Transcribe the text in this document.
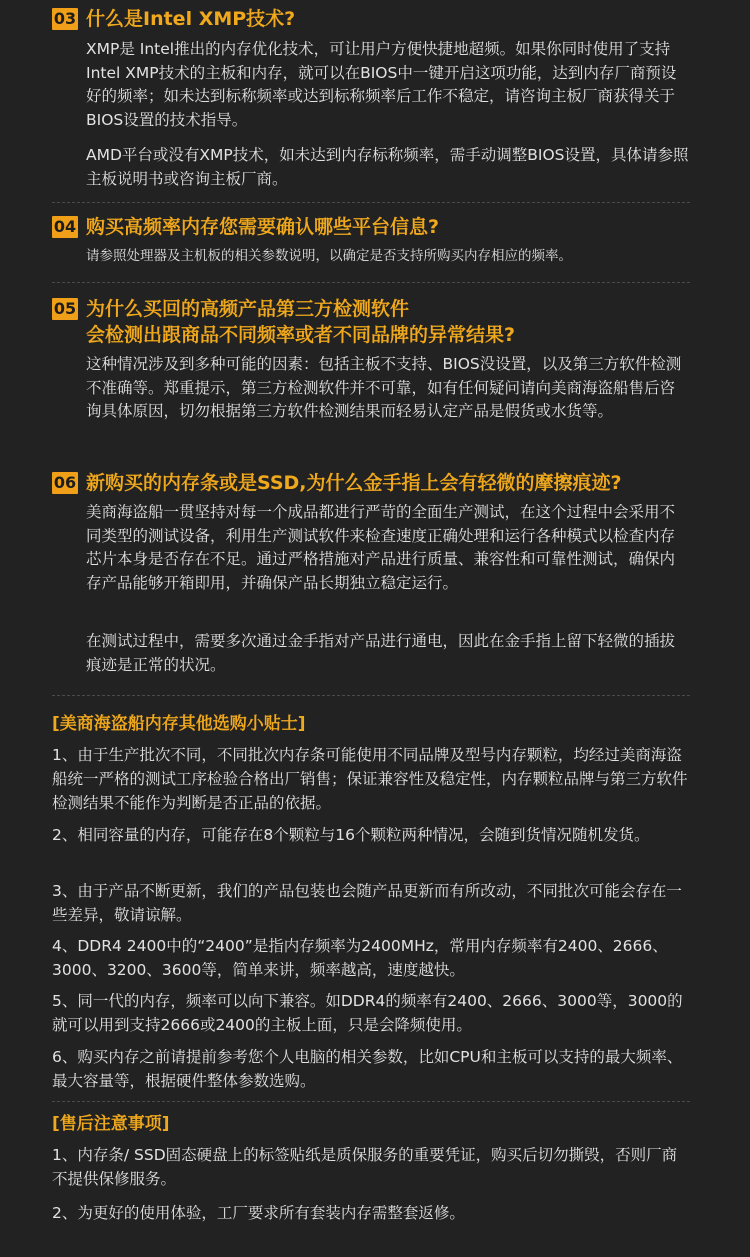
03 什么是Intel XMP技术?
XMP是 Intel推出的内存优化技术，可让用户方便快捷地超频。如果你同时使用了支持Intel XMP技术的主板和内存，就可以在BIOS中一键开启这项功能，达到内存厂商预设好的频率；如未达到标称频率或达到标称频率后工作不稳定，请咨询主板厂商获得关于BIOS设置的技术指导。
AMD平台或没有XMP技术，如未达到内存标称频率，需手动调整BIOS设置，具体请参照主板说明书或咨询主板厂商。
04 购买高频率内存您需要确认哪些平台信息?
请参照处理器及主机板的相关参数说明，以确定是否支持所购买内存相应的频率。
05 为什么买回的高频产品第三方检测软件
会检测出跟商品不同频率或者不同品牌的异常结果?
这种情况涉及到多种可能的因素：包括主板不支持、BIOS没设置，以及第三方软件检测不准确等。郑重提示，第三方检测软件并不可靠，如有任何疑问请向美商海盗船售后咨询具体原因，切勿根据第三方软件检测结果而轻易认定产品是假货或水货等。
06 新购买的内存条或是SSD,为什么金手指上会有轻微的摩擦痕迹?
美商海盗船一贯坚持对每一个成品都进行严苛的全面生产测试，在这个过程中会采用不同类型的测试设备，利用生产测试软件来检查速度正确处理和运行各种模式以检查内存芯片本身是否存在不足。通过严格措施对产品进行质量、兼容性和可靠性测试，确保内存产品能够开箱即用，并确保产品长期独立稳定运行。
在测试过程中，需要多次通过金手指对产品进行通电，因此在金手指上留下轻微的插拔痕迹是正常的状况。
[美商海盗船内存其他选购小贴士]
1、由于生产批次不同，不同批次内存条可能使用不同品牌及型号内存颗粒，均经过美商海盗船统一严格的测试工序检验合格出厂销售；保证兼容性及稳定性，内存颗粒品牌与第三方软件检测结果不能作为判断是否正品的依据。
2、相同容量的内存，可能存在8个颗粒与16个颗粒两种情况，会随到货情况随机发货。
3、由于产品不断更新，我们的产品包装也会随产品更新而有所改动，不同批次可能会存在一些差异，敬请谅解。
4、DDR4 2400中的“2400”是指内存频率为2400MHz，常用内存频率有2400、2666、3000、3200、3600等，简单来讲，频率越高，速度越快。
5、同一代的内存，频率可以向下兼容。如DDR4的频率有2400、2666、3000等，3000的就可以用到支持2666或2400的主板上面，只是会降频使用。
6、购买内存之前请提前参考您个人电脑的相关参数，比如CPU和主板可以支持的最大频率、最大容量等，根据硬件整体参数选购。
[售后注意事项]
1、内存条/ SSD固态硬盘上的标签贴纸是质保服务的重要凭证，购买后切勿撕毁，否则厂商不提供保修服务。
2、为更好的使用体验，工厂要求所有套装内存需整套返修。
